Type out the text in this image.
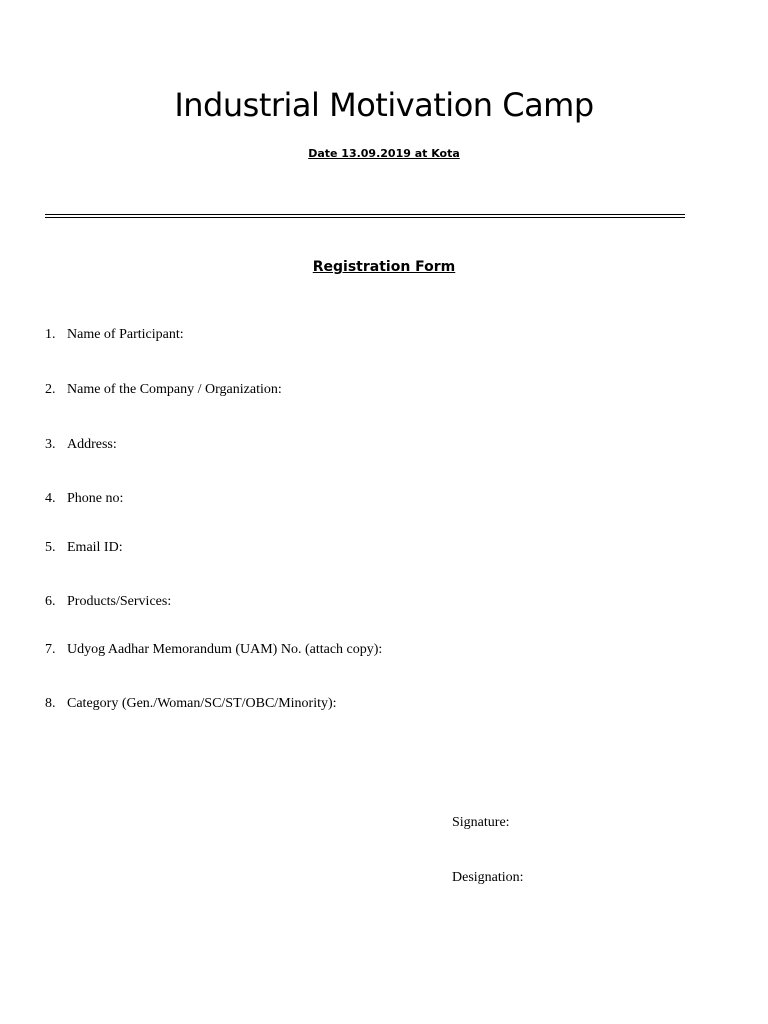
Industrial Motivation Camp
Date 13.09.2019 at Kota
Registration Form
1. Name of Participant:
2. Name of the Company / Organization:
3. Address:
4. Phone no:
5. Email ID:
6. Products/Services:
7. Udyog Aadhar Memorandum (UAM) No. (attach copy):
8. Category (Gen./Woman/SC/ST/OBC/Minority):
Signature:
Designation:
